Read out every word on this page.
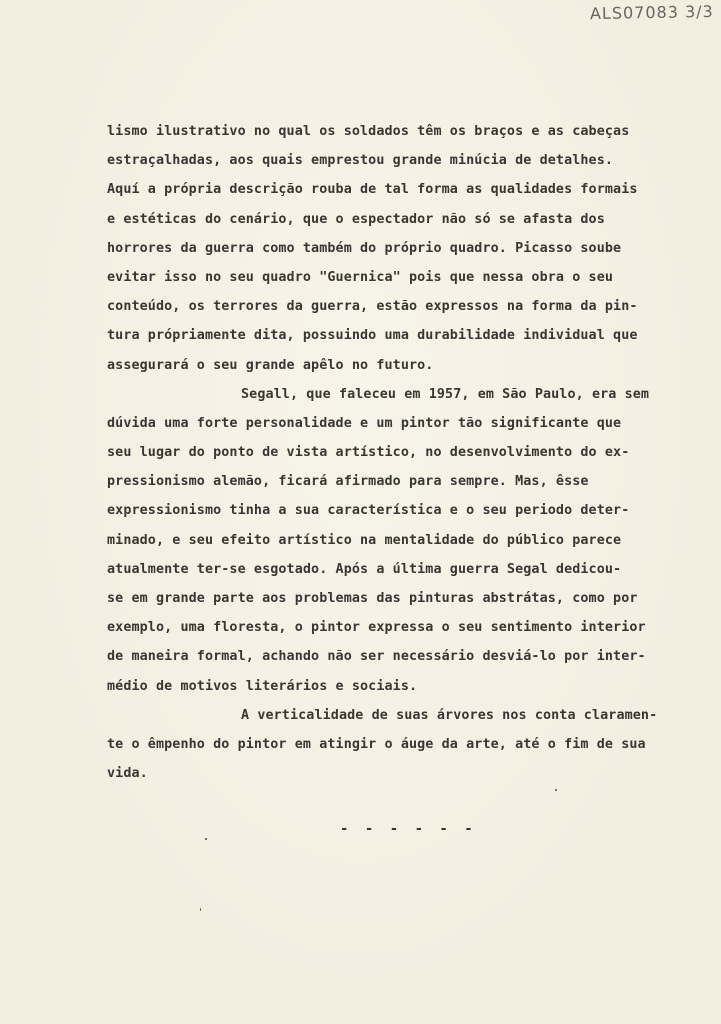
ALS07083 3/3
lismo ilustrativo no qual os soldados têm os braços e as cabeças
estraçalhadas, aos quais emprestou grande minúcia de detalhes.
Aquí a própria descrição rouba de tal forma as qualidades formais
e estéticas do cenário, que o espectador não só se afasta dos
horrores da guerra como também do próprio quadro. Picasso soube
evitar isso no seu quadro "Guernica" pois que nessa obra o seu
conteúdo, os terrores da guerra, estão expressos na forma da pin-
tura própriamente dita, possuindo uma durabilidade individual que
assegurará o seu grande apêlo no futuro.
Segall, que faleceu em 1957, em São Paulo, era sem
dúvida uma forte personalidade e um pintor tão significante que
seu lugar do ponto de vista artístico, no desenvolvimento do ex-
pressionismo alemão, ficará afirmado para sempre. Mas, êsse
expressionismo tinha a sua característica e o seu periodo deter-
minado, e seu efeito artístico na mentalidade do público parece
atualmente ter-se esgotado. Após a última guerra Segal dedicou-
se em grande parte aos problemas das pinturas abstrátas, como por
exemplo, uma floresta, o pintor expressa o seu sentimento interior
de maneira formal, achando não ser necessário desviá-lo por inter-
médio de motivos literários e sociais.
A verticalidade de suas árvores nos conta claramen-
te o êmpenho do pintor em atingir o áuge da arte, até o fim de sua
vida.
- - - - - -
